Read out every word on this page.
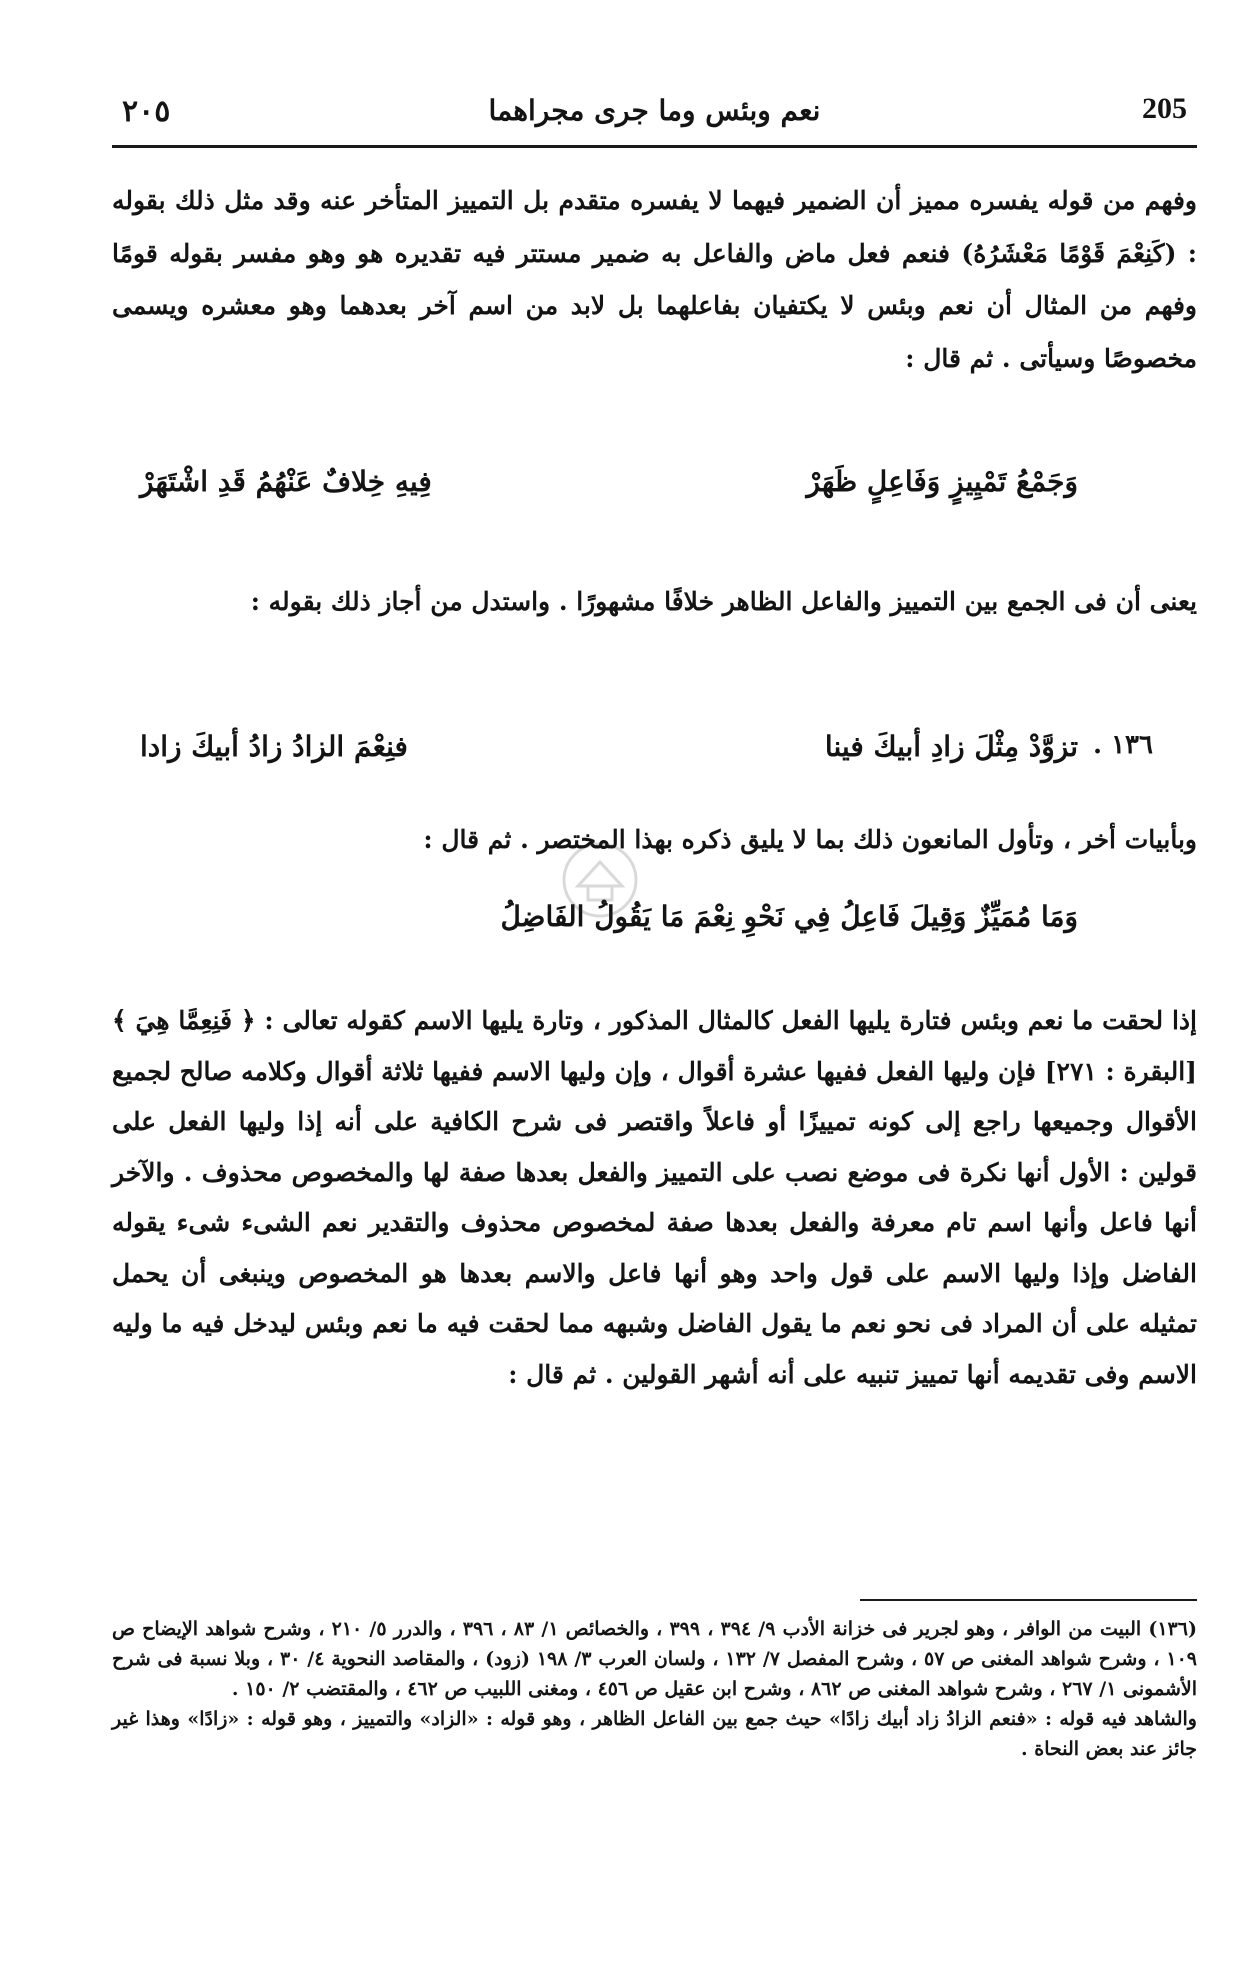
٢٠٥	نعم وبئس وما جرى مجراهما	205
وفهم من قوله يفسره مميز أن الضمير فيهما لا يفسره متقدم بل التمييز المتأخر عنه وقد مثل ذلك بقوله : (كَنِعْمَ قَوْمًا مَعْشَرُهُ) فنعم فعل ماض والفاعل به ضمير مستتر فيه تقديره هو وهو مفسر بقوله قومًا وفهم من المثال أن نعم وبئس لا يكتفيان بفاعلهما بل لابد من اسم آخر بعدهما وهو معشره ويسمى مخصوصًا وسيأتى . ثم قال :
وَجَمْعُ تَمْيِيزٍ وَفَاعِلٍ ظَهَرْ
فِيهِ خِلافٌ عَنْهُمُ قَدِ اشْتَهَرْ
يعنى أن فى الجمع بين التمييز والفاعل الظاهر خلافًا مشهورًا . واستدل من أجاز ذلك بقوله :
١٣٦ .
تزوَّدْ مِثْلَ زادِ أبيكَ فينا
فنِعْمَ الزادُ زادُ أبيكَ زادا
وبأبيات أخر ، وتأول المانعون ذلك بما لا يليق ذكره بهذا المختصر . ثم قال :
وَمَا مُمَيِّزٌ وَقِيلَ فَاعِلُ فِي نَحْوِ نِعْمَ مَا يَقُولُ الفَاضِلُ
إذا لحقت ما نعم وبئس فتارة يليها الفعل كالمثال المذكور ، وتارة يليها الاسم كقوله تعالى : ﴿ فَنِعِمَّا هِيَ ﴾ [البقرة : ٢٧١] فإن وليها الفعل ففيها عشرة أقوال ، وإن وليها الاسم ففيها ثلاثة أقوال وكلامه صالح لجميع الأقوال وجميعها راجع إلى كونه تمييزًا أو فاعلاً واقتصر فى شرح الكافية على أنه إذا وليها الفعل على قولين : الأول أنها نكرة فى موضع نصب على التمييز والفعل بعدها صفة لها والمخصوص محذوف . والآخر أنها فاعل وأنها اسم تام معرفة والفعل بعدها صفة لمخصوص محذوف والتقدير نعم الشىء شىء يقوله الفاضل وإذا وليها الاسم على قول واحد وهو أنها فاعل والاسم بعدها هو المخصوص وينبغى أن يحمل تمثيله على أن المراد فى نحو نعم ما يقول الفاضل وشبهه مما لحقت فيه ما نعم وبئس ليدخل فيه ما وليه الاسم وفى تقديمه أنها تمييز تنبيه على أنه أشهر القولين . ثم قال :

(١٣٦) البيت من الوافر ، وهو لجرير فى خزانة الأدب ٩/ ٣٩٤ ، ٣٩٩ ، والخصائص ١/ ٨٣ ، ٣٩٦ ، والدرر ٥/ ٢١٠ ، وشرح شواهد الإيضاح ص ١٠٩ ، وشرح شواهد المغنى ص ٥٧ ، وشرح المفصل ٧/ ١٣٢ ، ولسان العرب ٣/ ١٩٨ (زود) ، والمقاصد النحوية ٤/ ٣٠ ، وبلا نسبة فى شرح الأشمونى ١/ ٢٦٧ ، وشرح شواهد المغنى ص ٨٦٢ ، وشرح ابن عقيل ص ٤٥٦ ، ومغنى اللبيب ص ٤٦٢ ، والمقتضب ٢/ ١٥٠ .

والشاهد فيه قوله : «فنعم الزادُ زاد أبيك زادًا» حيث جمع بين الفاعل الظاهر ، وهو قوله : «الزاد» والتمييز ، وهو قوله : «زادًا» وهذا غير جائز عند بعض النحاة .
